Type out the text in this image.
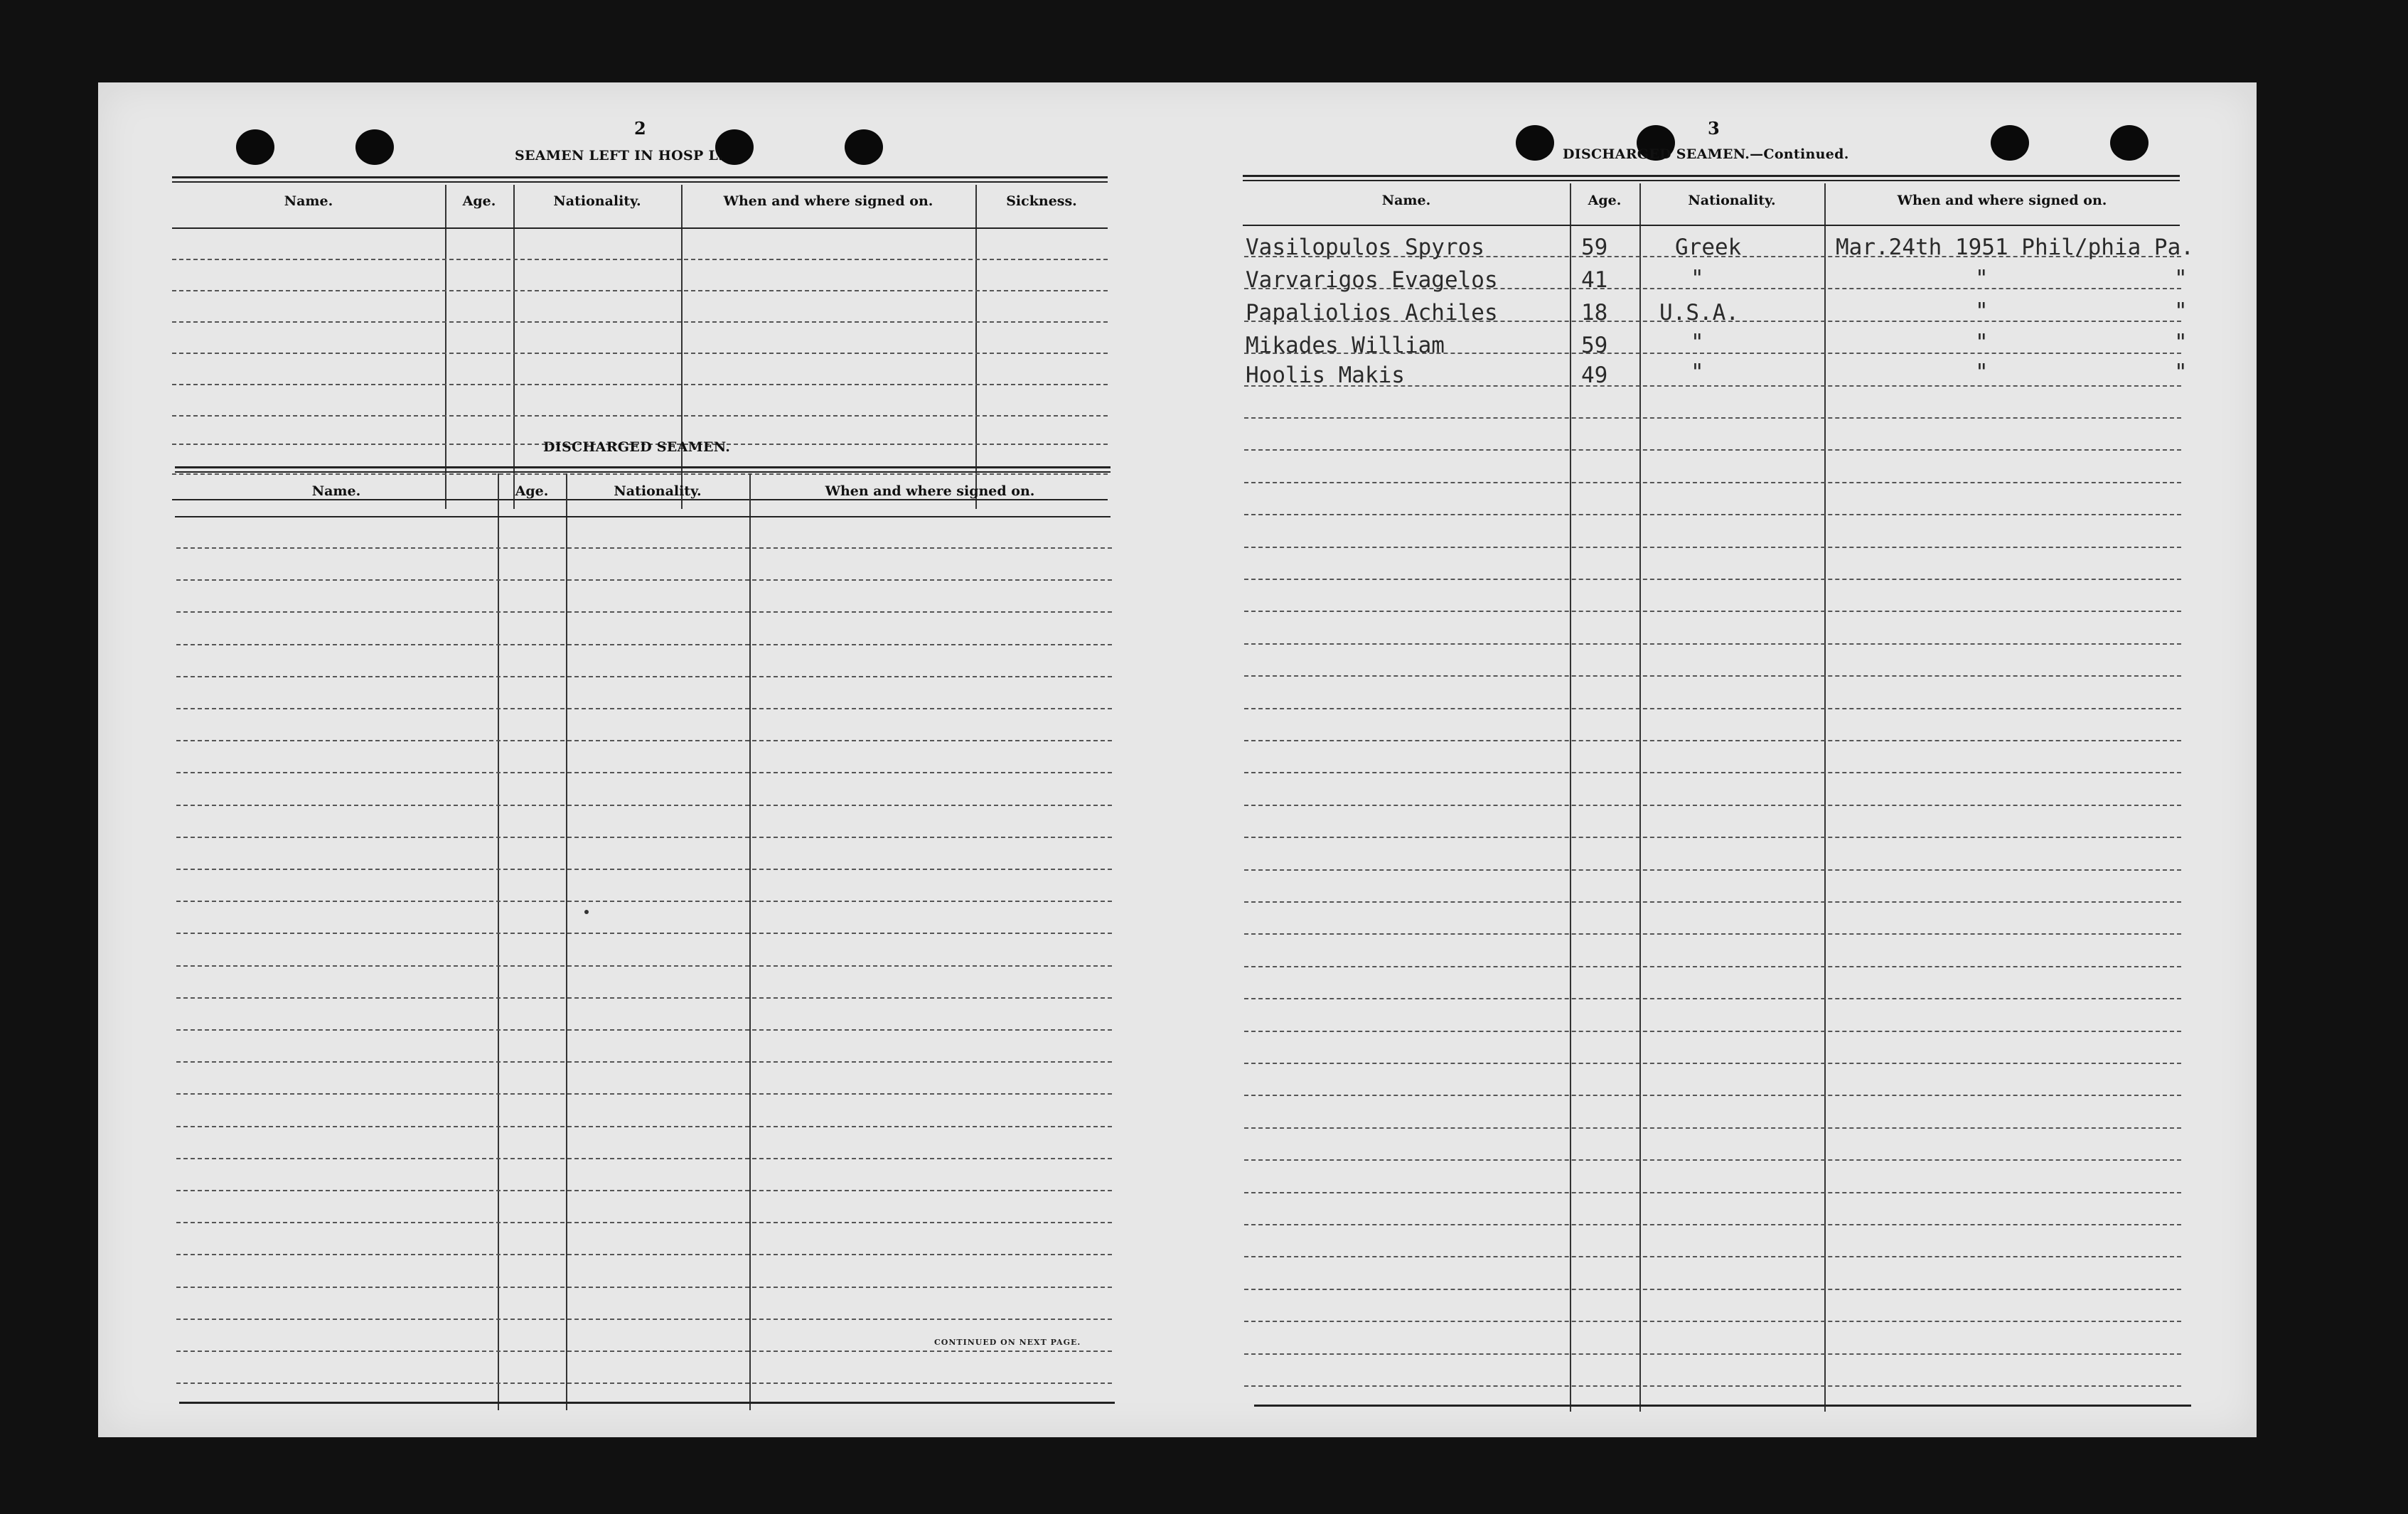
2
SEAMEN LEFT IN HOSP L.
Name.	Age.	Nationality.	When and where signed on.	Sickness.
DISCHARGED SEAMEN.
Name.	Age.	Nationality.	When and where signed on.
CONTINUED ON NEXT PAGE.
3
DISCHARGED SEAMEN.—Continued.
Name.	Age.	Nationality.	When and where signed on.
Vasilopulos Spyros	59	Greek	Mar.24th 1951 Phil/phia Pa.
Varvarigos Evagelos	41	"	"	"
Papaliolios Achiles	18 U.S.A.	"	"
Mikades William	59	"	"	"
Hoolis Makis	49	"	"	"
